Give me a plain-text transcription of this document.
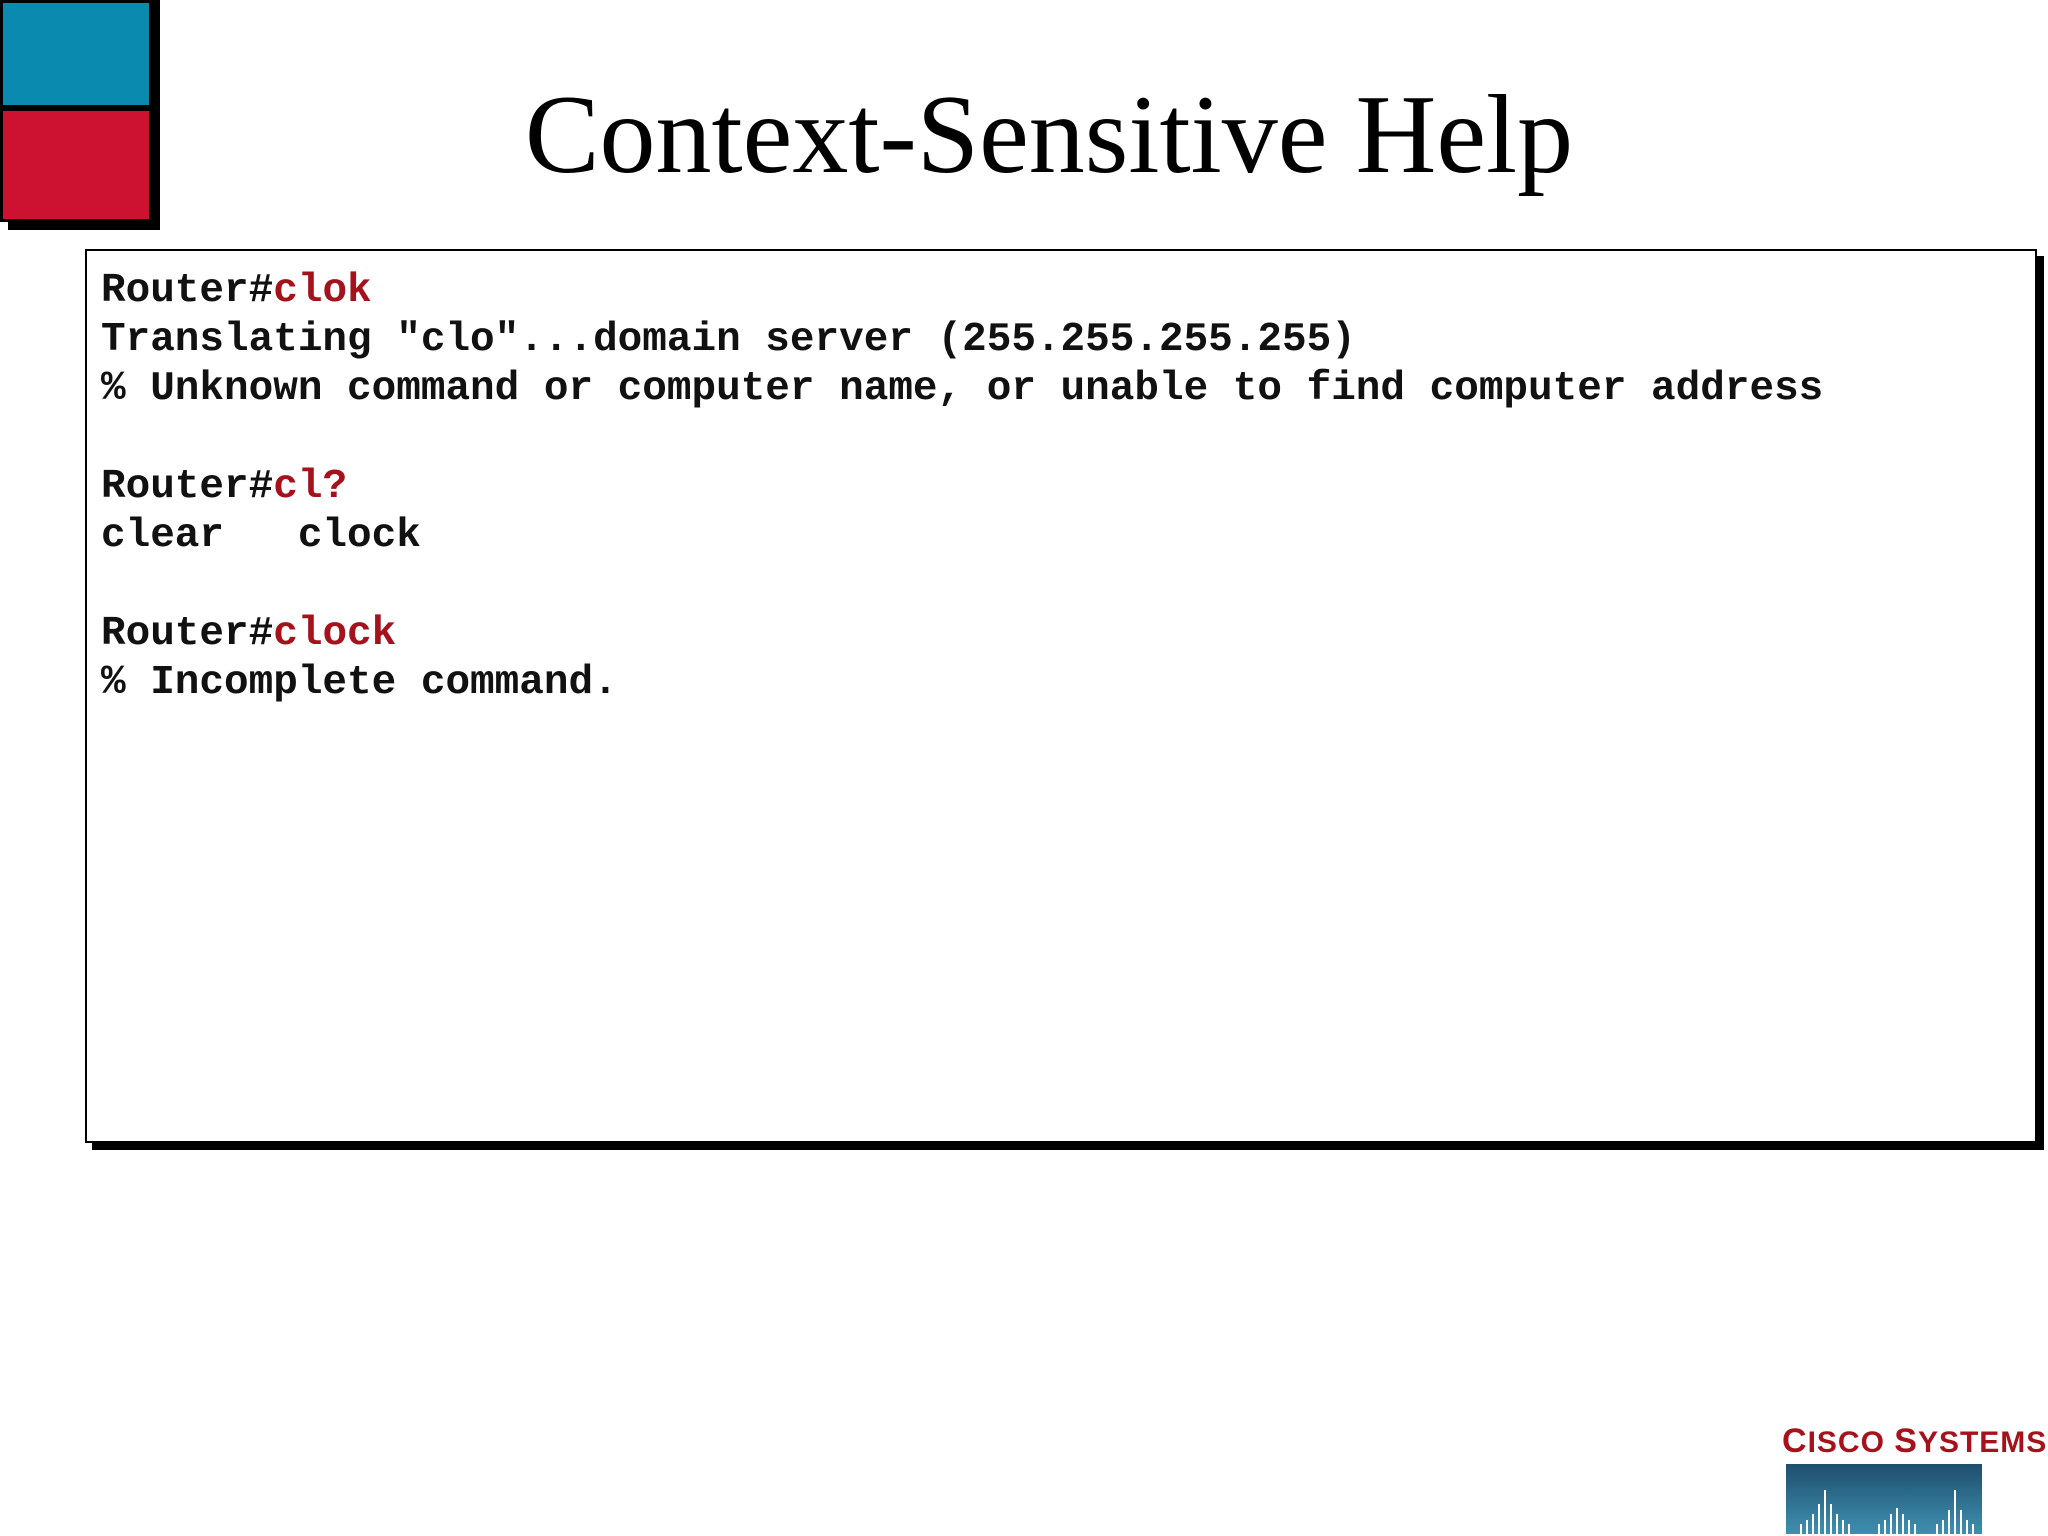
Context-Sensitive Help
Router#clok
Translating "clo"...domain server (255.255.255.255)
% Unknown command or computer name, or unable to find computer address
Router#cl?
clear   clock
Router#clock
% Incomplete command.
CISCO SYSTEMS
